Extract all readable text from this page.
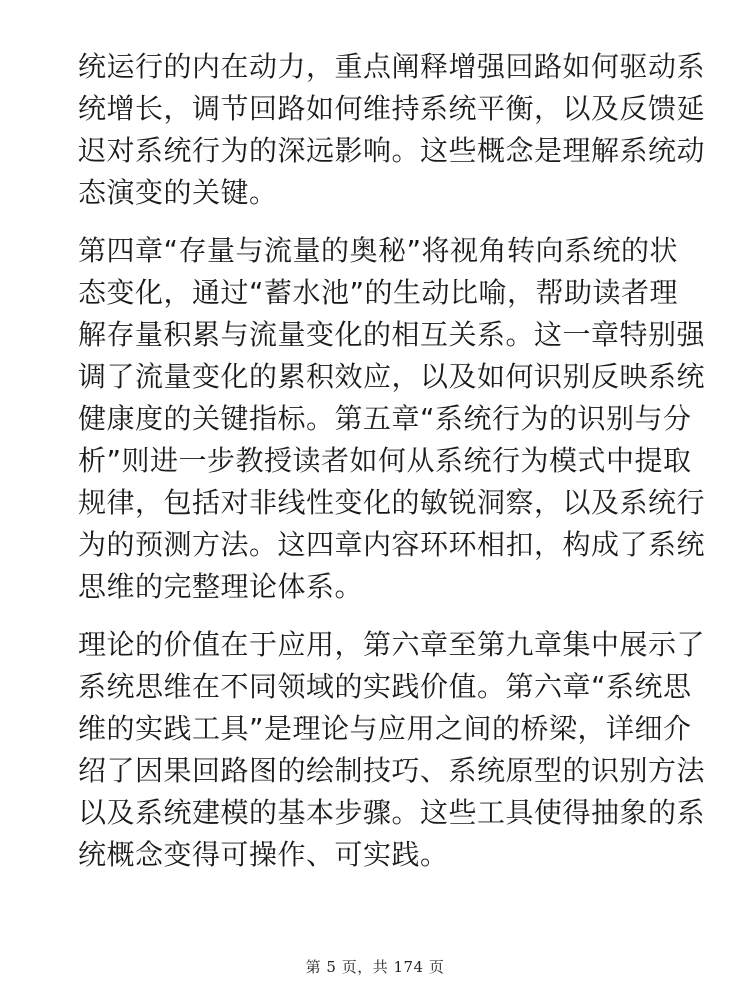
统运行的内在动力，重点阐释增强回路如何驱动系
统增长，调节回路如何维持系统平衡，以及反馈延
迟对系统行为的深远影响。这些概念是理解系统动
态演变的关键。

第四章“存量与流量的奥秘”将视角转向系统的状
态变化，通过“蓄水池”的生动比喻，帮助读者理
解存量积累与流量变化的相互关系。这一章特别强
调了流量变化的累积效应，以及如何识别反映系统
健康度的关键指标。第五章“系统行为的识别与分
析”则进一步教授读者如何从系统行为模式中提取
规律，包括对非线性变化的敏锐洞察，以及系统行
为的预测方法。这四章内容环环相扣，构成了系统
思维的完整理论体系。

理论的价值在于应用，第六章至第九章集中展示了
系统思维在不同领域的实践价值。第六章“系统思
维的实践工具”是理论与应用之间的桥梁，详细介
绍了因果回路图的绘制技巧、系统原型的识别方法
以及系统建模的基本步骤。这些工具使得抽象的系
统概念变得可操作、可实践。

第 5 页，共 174 页
